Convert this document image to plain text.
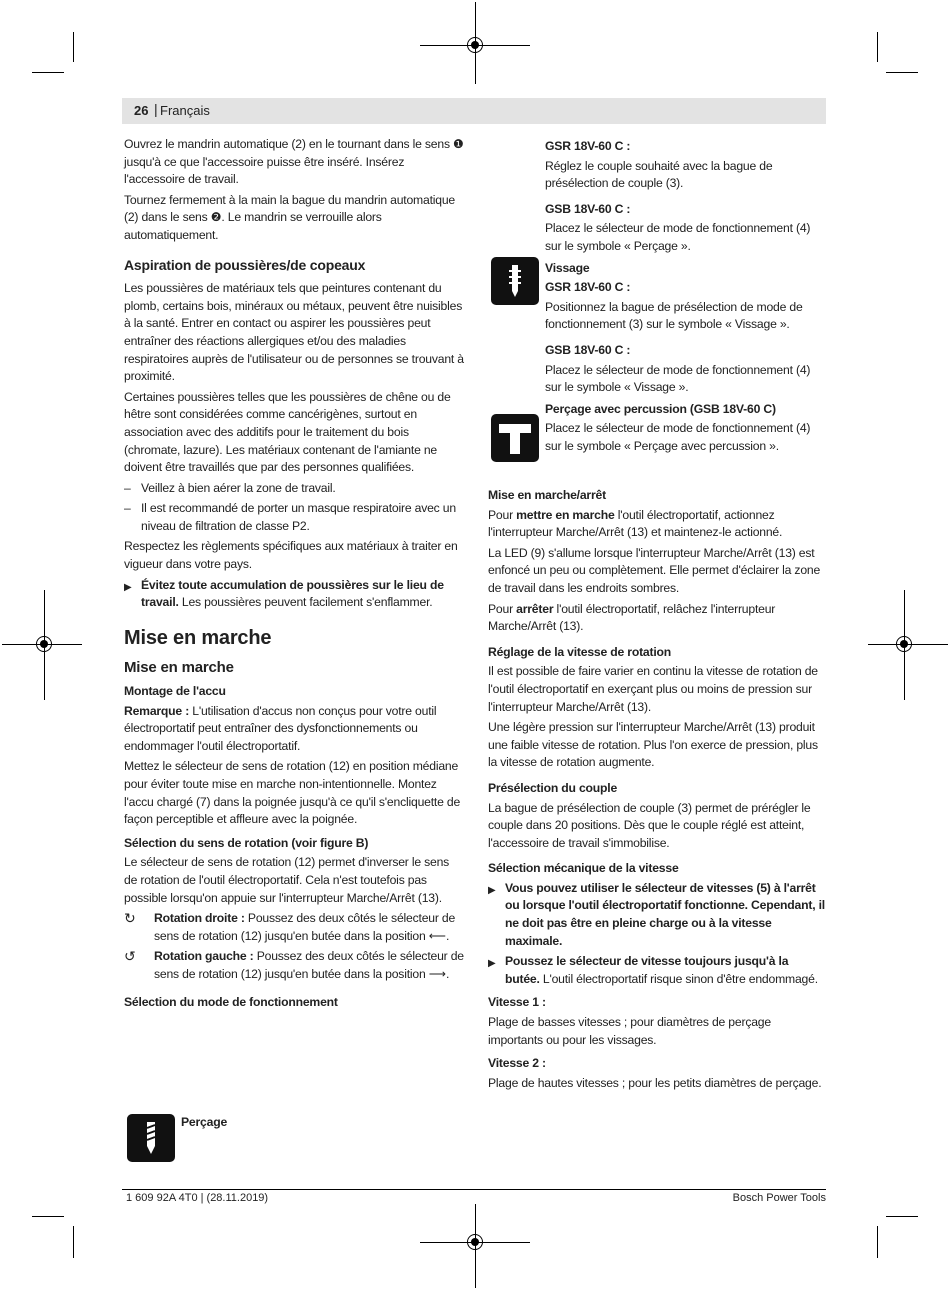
26 | Français

Ouvrez le mandrin automatique (2) en le tournant dans le sens ❶ jusqu'à ce que l'accessoire puisse être inséré. Insérez l'accessoire de travail.

Tournez fermement à la main la bague du mandrin automatique (2) dans le sens ❷. Le mandrin se verrouille alors automatiquement.

Aspiration de poussières/de copeaux

Les poussières de matériaux tels que peintures contenant du plomb, certains bois, minéraux ou métaux, peuvent être nuisibles à la santé. Entrer en contact ou aspirer les poussières peut entraîner des réactions allergiques et/ou des maladies respiratoires auprès de l'utilisateur ou de personnes se trouvant à proximité.

Certaines poussières telles que les poussières de chêne ou de hêtre sont considérées comme cancérigènes, surtout en association avec des additifs pour le traitement du bois (chromate, lazure). Les matériaux contenant de l'amiante ne doivent être travaillés que par des personnes qualifiées.

– Veillez à bien aérer la zone de travail.
– Il est recommandé de porter un masque respiratoire avec un niveau de filtration de classe P2.

Respectez les règlements spécifiques aux matériaux à traiter en vigueur dans votre pays.

▶ Évitez toute accumulation de poussières sur le lieu de travail. Les poussières peuvent facilement s'enflammer.
Mise en marche
Mise en marche

Montage de l'accu

Remarque : L'utilisation d'accus non conçus pour votre outil électroportatif peut entraîner des dysfonctionnements ou endommager l'outil électroportatif.

Mettez le sélecteur de sens de rotation (12) en position médiane pour éviter toute mise en marche non-intentionnelle. Montez l'accu chargé (7) dans la poignée jusqu'à ce qu'il s'encliquette de façon perceptible et affleure avec la poignée.

Sélection du sens de rotation (voir figure B)

Le sélecteur de sens de rotation (12) permet d'inverser le sens de rotation de l'outil électroportatif. Cela n'est toutefois pas possible lorsqu'on appuie sur l'interrupteur Marche/Arrêt (13).

↻	Rotation droite : Poussez des deux côtés le sélecteur de sens de rotation (12) jusqu'en butée dans la position ⟵.
↺	Rotation gauche : Poussez des deux côtés le sélecteur de sens de rotation (12) jusqu'en butée dans la position ⟶.

Sélection du mode de fonctionnement

Perçage

GSR 18V-60 C :

Réglez le couple souhaité avec la bague de présélection de couple (3).

GSB 18V-60 C :

Placez le sélecteur de mode de fonctionnement (4) sur le symbole « Perçage ».

Vissage

GSR 18V-60 C :

Positionnez la bague de présélection de mode de fonctionnement (3) sur le symbole « Vissage ».

GSB 18V-60 C :

Placez le sélecteur de mode de fonctionnement (4) sur le symbole « Vissage ».

Perçage avec percussion (GSB 18V-60 C)

Placez le sélecteur de mode de fonctionnement (4) sur le symbole « Perçage avec percussion ».

Mise en marche/arrêt

Pour mettre en marche l'outil électroportatif, actionnez l'interrupteur Marche/Arrêt (13) et maintenez-le actionné.

La LED (9) s'allume lorsque l'interrupteur Marche/Arrêt (13) est enfoncé un peu ou complètement. Elle permet d'éclairer la zone de travail dans les endroits sombres.

Pour arrêter l'outil électroportatif, relâchez l'interrupteur Marche/Arrêt (13).

Réglage de la vitesse de rotation

Il est possible de faire varier en continu la vitesse de rotation de l'outil électroportatif en exerçant plus ou moins de pression sur l'interrupteur Marche/Arrêt (13).

Une légère pression sur l'interrupteur Marche/Arrêt (13) produit une faible vitesse de rotation. Plus l'on exerce de pression, plus la vitesse de rotation augmente.

Présélection du couple

La bague de présélection de couple (3) permet de prérégler le couple dans 20 positions. Dès que le couple réglé est atteint, l'accessoire de travail s'immobilise.

Sélection mécanique de la vitesse

▶ Vous pouvez utiliser le sélecteur de vitesses (5) à l'arrêt ou lorsque l'outil électroportatif fonctionne. Cependant, il ne doit pas être en pleine charge ou à la vitesse maximale.
▶ Poussez le sélecteur de vitesse toujours jusqu'à la butée. L'outil électroportatif risque sinon d'être endommagé.

Vitesse 1 :

Plage de basses vitesses ; pour diamètres de perçage importants ou pour les vissages.

Vitesse 2 :

Plage de hautes vitesses ; pour les petits diamètres de perçage.

1 609 92A 4T0 | (28.11.2019)	Bosch Power Tools
